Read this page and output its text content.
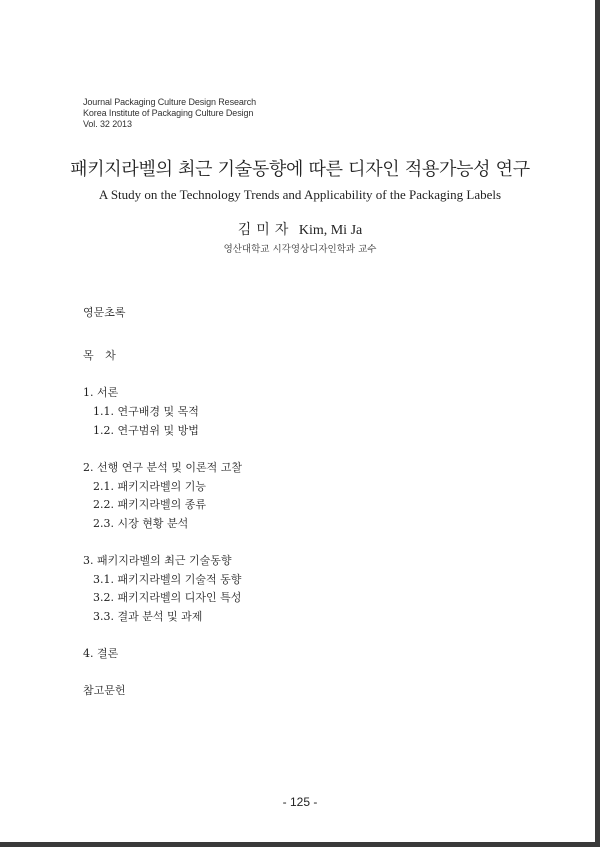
Journal Packaging Culture Design Research
Korea Institute of Packaging Culture Design
Vol. 32 2013
패키지라벨의 최근 기술동향에 따른 디자인 적용가능성 연구
A Study on the Technology Trends and Applicability of the Packaging Labels
김미자 Kim, Mi Ja
영산대학교 시각영상디자인학과 교수
영문초록
목 차
1. 서론
1.1. 연구배경 및 목적
1.2. 연구범위 및 방법
2. 선행 연구 분석 및 이론적 고찰
2.1. 패키지라벨의 기능
2.2. 패키지라벨의 종류
2.3. 시장 현황 분석
3. 패키지라벨의 최근 기술동향
3.1. 패키지라벨의 기술적 동향
3.2. 패키지라벨의 디자인 특성
3.3. 결과 분석 및 과제
4. 결론
참고문헌
- 125 -
